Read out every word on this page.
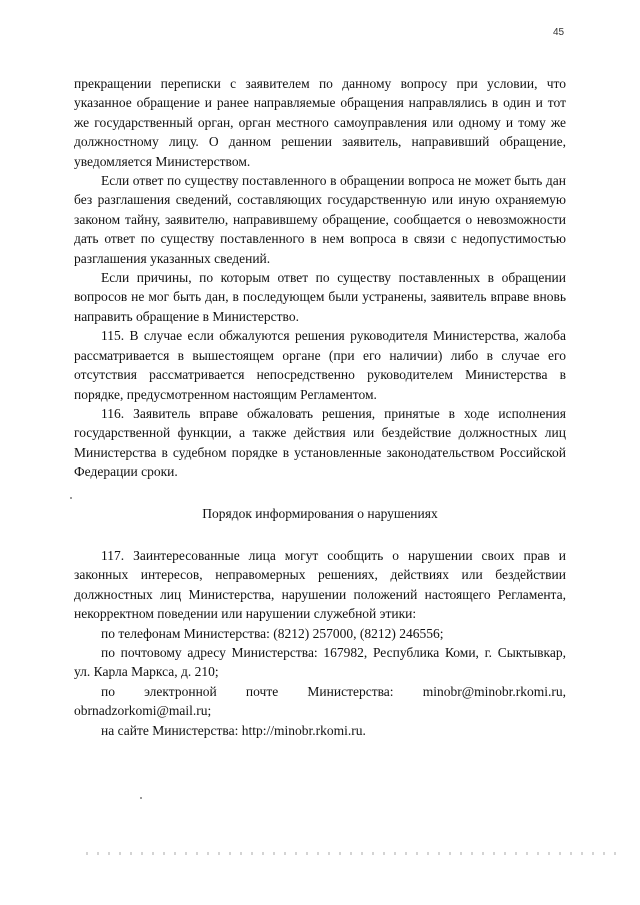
45

прекращении переписки с заявителем по данному вопросу при условии, что указанное обращение и ранее направляемые обращения направлялись в один и тот же государственный орган, орган местного самоуправления или одному и тому же должностному лицу. О данном решении заявитель, направивший обращение, уведомляется Министерством.

Если ответ по существу поставленного в обращении вопроса не может быть дан без разглашения сведений, составляющих государственную или иную охраняемую законом тайну, заявителю, направившему обращение, сообщается о невозможности дать ответ по существу поставленного в нем вопроса в связи с недопустимостью разглашения указанных сведений.

Если причины, по которым ответ по существу поставленных в обращении вопросов не мог быть дан, в последующем были устранены, заявитель вправе вновь направить обращение в Министерство.

115. В случае если обжалуются решения руководителя Министерства, жалоба рассматривается в вышестоящем органе (при его наличии) либо в случае его отсутствия рассматривается непосредственно руководителем Министерства в порядке, предусмотренном настоящим Регламентом.

116. Заявитель вправе обжаловать решения, принятые в ходе исполнения государственной функции, а также действия или бездействие должностных лиц Министерства в судебном порядке в установленные законодательством Российской Федерации сроки.

Порядок информирования о нарушениях

117. Заинтересованные лица могут сообщить о нарушении своих прав и законных интересов, неправомерных решениях, действиях или бездействии должностных лиц Министерства, нарушении положений настоящего Регламента, некорректном поведении или нарушении служебной этики:

по телефонам Министерства: (8212) 257000, (8212) 246556;

по почтовому адресу Министерства: 167982, Республика Коми, г. Сыктывкар, ул. Карла Маркса, д. 210;

по электронной почте Министерства: minobr@minobr.rkomi.ru,

obrnadzorkomi@mail.ru;

на сайте Министерства: http://minobr.rkomi.ru.
